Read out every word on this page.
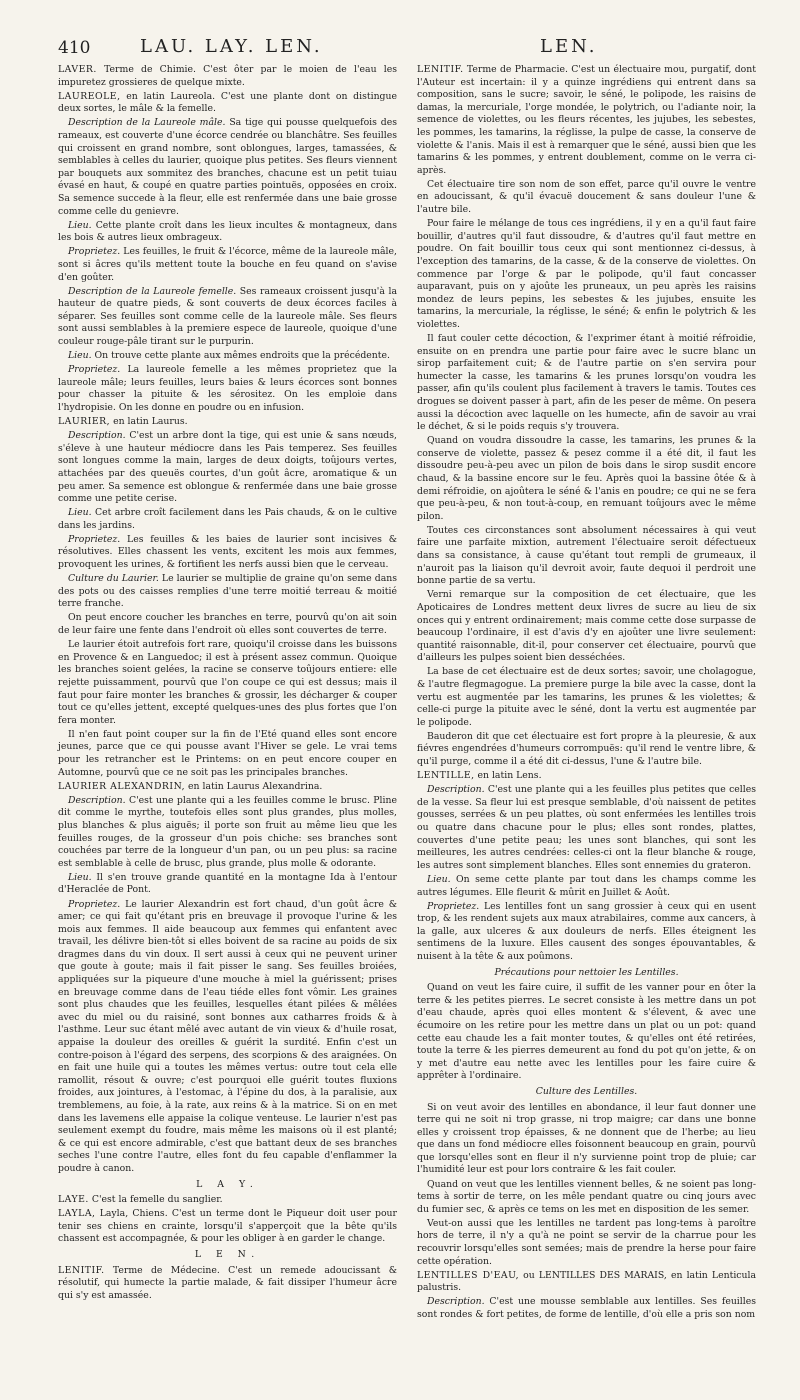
410	LAU. LAY. LEN.	LEN.

LAVER. Terme de Chimie. C'est ôter par le moien de l'eau les impuretez grossieres de quelque mixte.

LAUREOLE, en latin Laureola. C'est une plante dont on distingue deux sortes, le mâle & la femelle.

Description de la Laureole mâle. Sa tige qui pousse quelquefois des rameaux, est couverte d'une écorce cendrée ou blanchâtre. Ses feuilles qui croissent en grand nombre, sont oblongues, larges, tamassées, & semblables à celles du laurier, quoique plus petites. Ses fleurs viennent par bouquets aux sommitez des branches, chacune est un petit tuiau évasé en haut, & coupé en quatre parties pointuës, opposées en croix. Sa semence succede à la fleur, elle est renfermée dans une baie grosse comme celle du genievre.

Lieu. Cette plante croît dans les lieux incultes & montagneux, dans les bois & autres lieux ombrageux.

Proprietez. Les feuilles, le fruit & l'écorce, même de la laureole mâle, sont si âcres qu'ils mettent toute la bouche en feu quand on s'avise d'en goûter.

Description de la Laureole femelle. Ses rameaux croissent jusqu'à la hauteur de quatre pieds, & sont couverts de deux écorces faciles à séparer. Ses feuilles sont comme celle de la laureole mâle. Ses fleurs sont aussi semblables à la premiere espece de laureole, quoique d'une couleur rouge-pâle tirant sur le purpurin.

Lieu. On trouve cette plante aux mêmes endroits que la précédente.

Proprietez. La laureole femelle a les mêmes proprietez que la laureole mâle; leurs feuilles, leurs baies & leurs écorces sont bonnes pour chasser la pituite & les sérositez. On les emploie dans l'hydropisie. On les donne en poudre ou en infusion.

LAURIER, en latin Laurus.

Description. C'est un arbre dont la tige, qui est unie & sans nœuds, s'éleve à une hauteur médiocre dans les Pais temperez. Ses feuilles sont longues comme la main, larges de deux doigts, toûjours vertes, attachées par des queuës courtes, d'un goût âcre, aromatique & un peu amer. Sa semence est oblongue & renfermée dans une baie grosse comme une petite cerise.

Lieu. Cet arbre croît facilement dans les Pais chauds, & on le cultive dans les jardins.

Proprietez. Les feuilles & les baies de laurier sont incisives & résolutives. Elles chassent les vents, excitent les mois aux femmes, provoquent les urines, & fortifient les nerfs aussi bien que le cerveau.

Culture du Laurier. Le laurier se multiplie de graine qu'on seme dans des pots ou des caisses remplies d'une terre moitié terreau & moitié terre franche.

On peut encore coucher les branches en terre, pourvû qu'on ait soin de leur faire une fente dans l'endroit où elles sont couvertes de terre.

Le laurier étoit autrefois fort rare, quoiqu'il croisse dans les buissons en Provence & en Languedoc; il est à présent assez commun. Quoique les branches soient gelées, la racine se conserve toûjours entiere: elle rejette puissamment, pourvû que l'on coupe ce qui est dessus; mais il faut pour faire monter les branches & grossir, les décharger & couper tout ce qu'elles jettent, excepté quelques-unes des plus fortes que l'on fera monter.

Il n'en faut point couper sur la fin de l'Eté quand elles sont encore jeunes, parce que ce qui pousse avant l'Hiver se gele. Le vrai tems pour les retrancher est le Printems: on en peut encore couper en Automne, pourvû que ce ne soit pas les principales branches.

LAURIER ALEXANDRIN, en latin Laurus Alexandrina.

Description. C'est une plante qui a les feuilles comme le brusc. Pline dit comme le myrthe, toutefois elles sont plus grandes, plus molles, plus blanches & plus aiguës; il porte son fruit au même lieu que les feuilles rouges, de la grosseur d'un pois chiche: ses branches sont couchées par terre de la longueur d'un pan, ou un peu plus: sa racine est semblable à celle de brusc, plus grande, plus molle & odorante.

Lieu. Il s'en trouve grande quantité en la montagne Ida à l'entour d'Heraclée de Pont.

Proprietez. Le laurier Alexandrin est fort chaud, d'un goût âcre & amer; ce qui fait qu'étant pris en breuvage il provoque l'urine & les mois aux femmes. Il aide beaucoup aux femmes qui enfantent avec travail, les délivre bien-tôt si elles boivent de sa racine au poids de six dragmes dans du vin doux. Il sert aussi à ceux qui ne peuvent uriner que goute à goute; mais il fait pisser le sang. Ses feuilles broiées, appliquées sur la piqueure d'une mouche à miel la guérissent; prises en breuvage comme dans de l'eau tiéde elles font vômir. Les graines sont plus chaudes que les feuilles, lesquelles étant pilées & mêlées avec du miel ou du raisiné, sont bonnes aux catharres froids & à l'asthme. Leur suc étant mêlé avec autant de vin vieux & d'huile rosat, appaise la douleur des oreilles & guérit la surdité. Enfin c'est un contre-poison à l'égard des serpens, des scorpions & des araignées. On en fait une huile qui a toutes les mêmes vertus: outre tout cela elle ramollit, résout & ouvre; c'est pourquoi elle guérit toutes fluxions froides, aux jointures, à l'estomac, à l'épine du dos, à la paralisie, aux tremblemens, au foie, à la rate, aux reins & à la matrice. Si on en met dans les lavemens elle appaise la colique venteuse. Le laurier n'est pas seulement exempt du foudre, mais même les maisons où il est planté; & ce qui est encore admirable, c'est que battant deux de ses branches seches l'une contre l'autre, elles font du feu capable d'enflammer la poudre à canon.

L A Y.

LAYE. C'est la femelle du sanglier.

LAYLA, Layla, Chiens. C'est un terme dont le Piqueur doit user pour tenir ses chiens en crainte, lorsqu'il s'apperçoit que la bête qu'ils chassent est accompagnée, & pour les obliger à en garder le change.

L E N.

LENITIF. Terme de Médecine. C'est un remede adoucissant & résolutif, qui humecte la partie malade, & fait dissiper l'humeur âcre qui s'y est amassée.

LENITIF. Terme de Pharmacie. C'est un électuaire mou, purgatif, dont l'Auteur est incertain: il y a quinze ingrédiens qui entrent dans sa composition, sans le sucre; savoir, le séné, le polipode, les raisins de damas, la mercuriale, l'orge mondée, le polytrich, ou l'adiante noir, la semence de violettes, ou les fleurs récentes, les jujubes, les sebestes, les pommes, les tamarins, la réglisse, la pulpe de casse, la conserve de violette & l'anis. Mais il est à remarquer que le séné, aussi bien que les tamarins & les pommes, y entrent doublement, comme on le verra ci-après.

Cet électuaire tire son nom de son effet, parce qu'il ouvre le ventre en adoucissant, & qu'il évacuë doucement & sans douleur l'une & l'autre bile.

Pour faire le mélange de tous ces ingrédiens, il y en a qu'il faut faire bouillir, d'autres qu'il faut dissoudre, & d'autres qu'il faut mettre en poudre. On fait bouillir tous ceux qui sont mentionnez ci-dessus, à l'exception des tamarins, de la casse, & de la conserve de violettes. On commence par l'orge & par le polipode, qu'il faut concasser auparavant, puis on y ajoûte les pruneaux, un peu après les raisins mondez de leurs pepins, les sebestes & les jujubes, ensuite les tamarins, la mercuriale, la réglisse, le séné; & enfin le polytrich & les violettes.

Il faut couler cette décoction, & l'exprimer étant à moitié réfroidie, ensuite on en prendra une partie pour faire avec le sucre blanc un sirop parfaitement cuit; & de l'autre partie on s'en servira pour humecter la casse, les tamarins & les prunes lorsqu'on voudra les passer, afin qu'ils coulent plus facilement à travers le tamis. Toutes ces drogues se doivent passer à part, afin de les peser de même. On pesera aussi la décoction avec laquelle on les humecte, afin de savoir au vrai le déchet, & si le poids requis s'y trouvera.

Quand on voudra dissoudre la casse, les tamarins, les prunes & la conserve de violette, passez & pesez comme il a été dit, il faut les dissoudre peu-à-peu avec un pilon de bois dans le sirop susdit encore chaud, & la bassine encore sur le feu. Après quoi la bassine ôtée & à demi réfroidie, on ajoûtera le séné & l'anis en poudre; ce qui ne se fera que peu-à-peu, & non tout-à-coup, en remuant toûjours avec le même pilon.

Toutes ces circonstances sont absolument nécessaires à qui veut faire une parfaite mixtion, autrement l'électuaire seroit défectueux dans sa consistance, à cause qu'étant tout rempli de grumeaux, il n'auroit pas la liaison qu'il devroit avoir, faute dequoi il perdroit une bonne partie de sa vertu.

Verni remarque sur la composition de cet électuaire, que les Apoticaires de Londres mettent deux livres de sucre au lieu de six onces qui y entrent ordinairement; mais comme cette dose surpasse de beaucoup l'ordinaire, il est d'avis d'y en ajoûter une livre seulement: quantité raisonnable, dit-il, pour conserver cet électuaire, pourvû que d'ailleurs les pulpes soient bien desséchées.

La base de cet électuaire est de deux sortes; savoir, une cholagogue, & l'autre flegmagogue. La premiere purge la bile avec la casse, dont la vertu est augmentée par les tamarins, les prunes & les violettes; & celle-ci purge la pituite avec le séné, dont la vertu est augmentée par le polipode.

Bauderon dit que cet électuaire est fort propre à la pleuresie, & aux fiévres engendrées d'humeurs corrompuës: qu'il rend le ventre libre, & qu'il purge, comme il a été dit ci-dessus, l'une & l'autre bile.

LENTILLE, en latin Lens.

Description. C'est une plante qui a les feuilles plus petites que celles de la vesse. Sa fleur lui est presque semblable, d'où naissent de petites gousses, serrées & un peu plattes, où sont enfermées les lentilles trois ou quatre dans chacune pour le plus; elles sont rondes, plattes, couvertes d'une petite peau; les unes sont blanches, qui sont les meilleures, les autres cendrées: celles-ci ont la fleur blanche & rouge, les autres sont simplement blanches. Elles sont ennemies du grateron.

Lieu. On seme cette plante par tout dans les champs comme les autres légumes. Elle fleurit & mûrit en Juillet & Août.

Proprietez. Les lentilles font un sang grossier à ceux qui en usent trop, & les rendent sujets aux maux atrabilaires, comme aux cancers, à la galle, aux ulceres & aux douleurs de nerfs. Elles éteignent les sentimens de la luxure. Elles causent des songes épouvantables, & nuisent à la tête & aux poûmons.

Précautions pour nettoier les Lentilles.

Quand on veut les faire cuire, il suffit de les vanner pour en ôter la terre & les petites pierres. Le secret consiste à les mettre dans un pot d'eau chaude, après quoi elles montent & s'élevent, & avec une écumoire on les retire pour les mettre dans un plat ou un pot: quand cette eau chaude les a fait monter toutes, & qu'elles ont été retirées, toute la terre & les pierres demeurent au fond du pot qu'on jette, & on y met d'autre eau nette avec les lentilles pour les faire cuire & apprêter à l'ordinaire.

Culture des Lentilles.

Si on veut avoir des lentilles en abondance, il leur faut donner une terre qui ne soit ni trop grasse, ni trop maigre; car dans une bonne elles y croissent trop épaisses, & ne donnent que de l'herbe; au lieu que dans un fond médiocre elles foisonnent beaucoup en grain, pourvû que lorsqu'elles sont en fleur il n'y survienne point trop de pluie; car l'humidité leur est pour lors contraire & les fait couler.

Quand on veut que les lentilles viennent belles, & ne soient pas long-tems à sortir de terre, on les mêle pendant quatre ou cinq jours avec du fumier sec, & après ce tems on les met en disposition de les semer.

Veut-on aussi que les lentilles ne tardent pas long-tems à paroître hors de terre, il n'y a qu'à ne point se servir de la charrue pour les recouvrir lorsqu'elles sont semées; mais de prendre la herse pour faire cette opération.

LENTILLES D'EAU, ou LENTILLES DES MARAIS, en latin Lenticula palustris.

Description. C'est une mousse semblable aux lentilles. Ses feuilles sont rondes & fort petites, de forme de lentille, d'où elle a pris son nom
